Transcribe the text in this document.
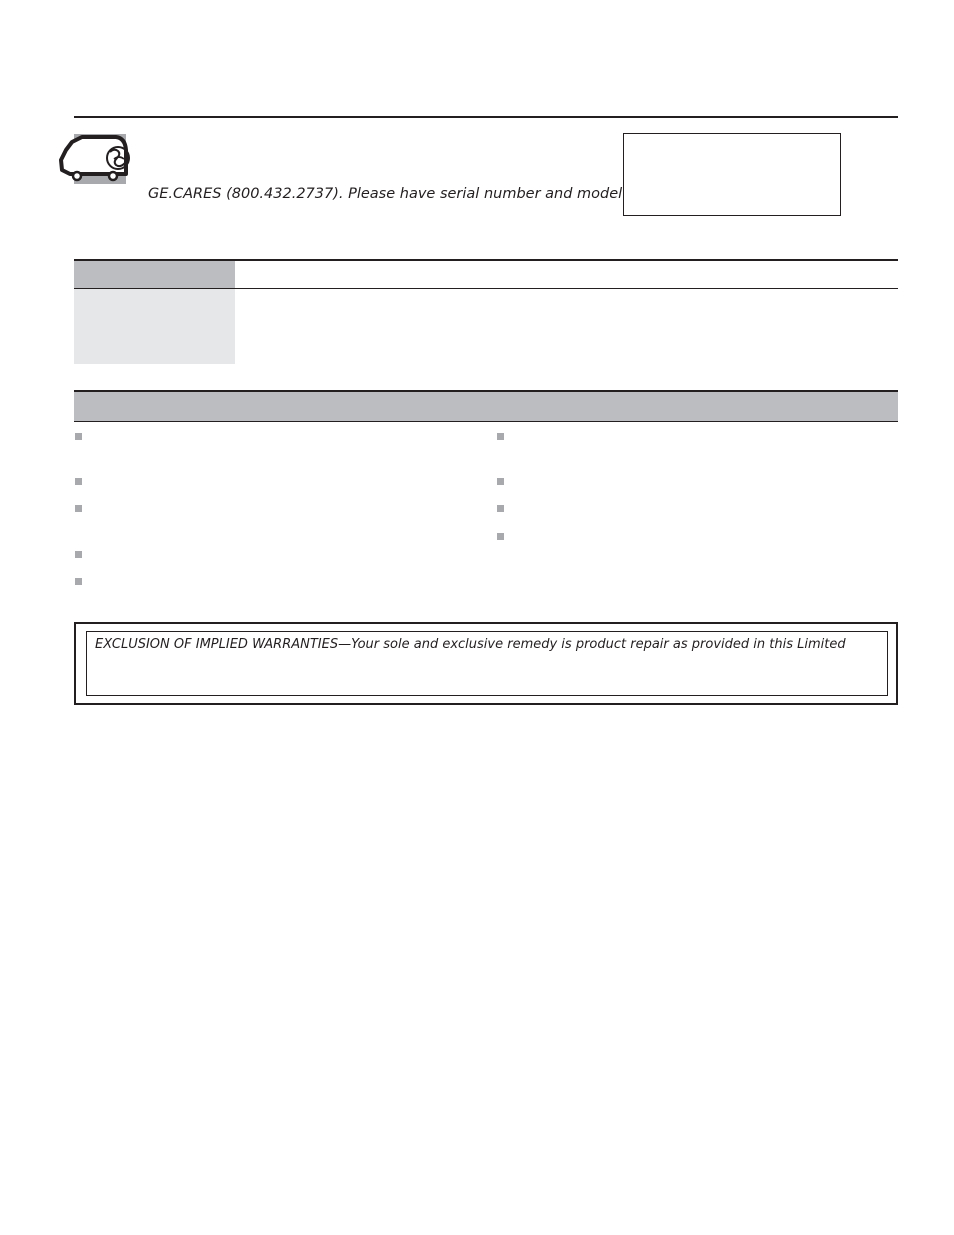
GE.CARES (800.432.2737). Please have serial number and model
EXCLUSION OF IMPLIED WARRANTIES—Your sole and exclusive remedy is product repair as provided in this Limited
